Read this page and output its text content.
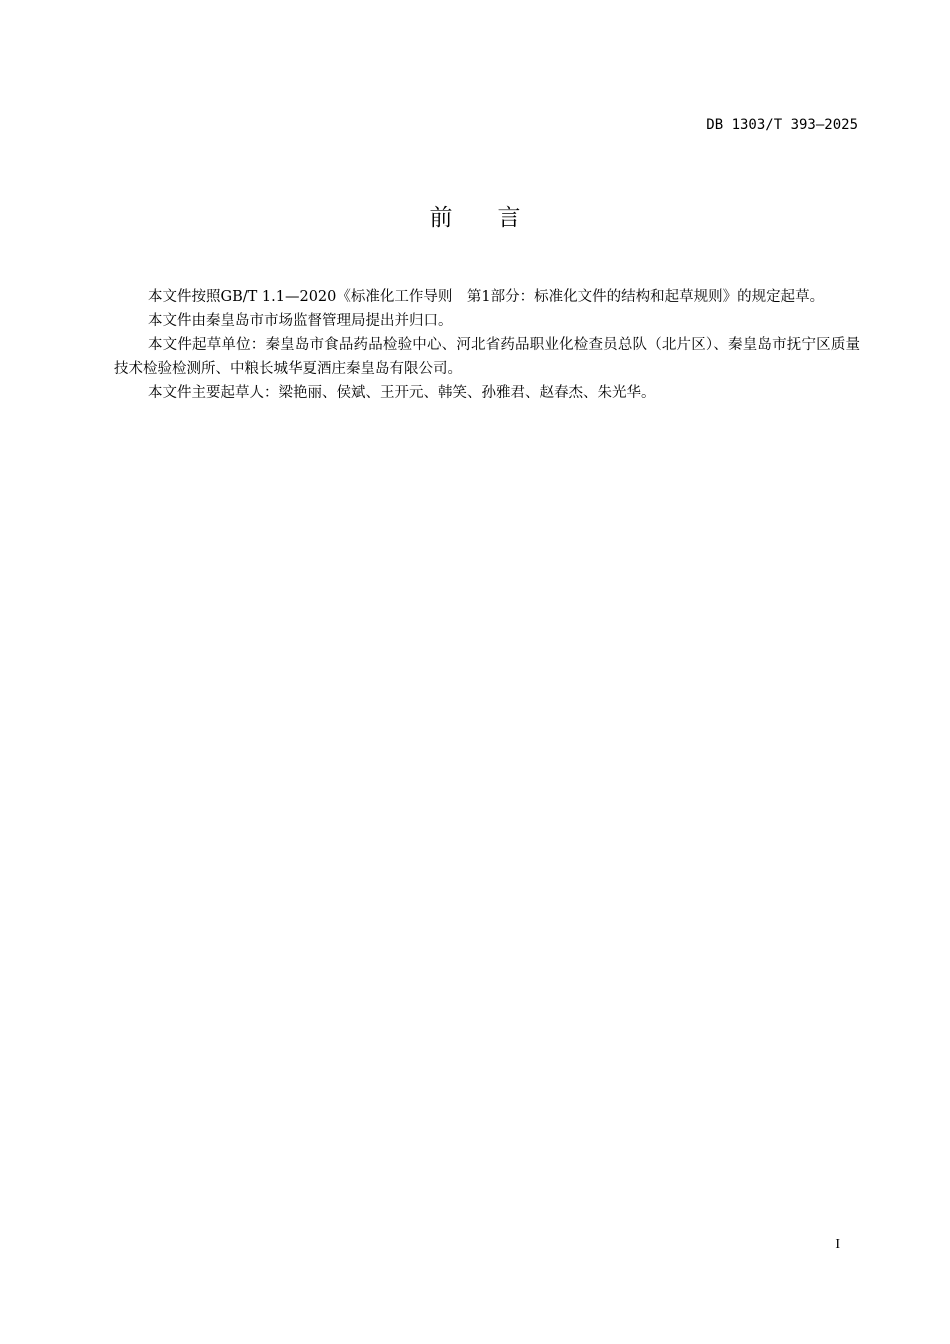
DB 1303/T 393—2025
前言

本文件按照GB/T 1.1—2020《标准化工作导则　第1部分：标准化文件的结构和起草规则》的规定起草。

本文件由秦皇岛市市场监督管理局提出并归口。

本文件起草单位：秦皇岛市食品药品检验中心、河北省药品职业化检查员总队（北片区）、秦皇岛市抚宁区质量技术检验检测所、中粮长城华夏酒庄秦皇岛有限公司。

本文件主要起草人：梁艳丽、侯斌、王开元、韩笑、孙雅君、赵春杰、朱光华。

I
